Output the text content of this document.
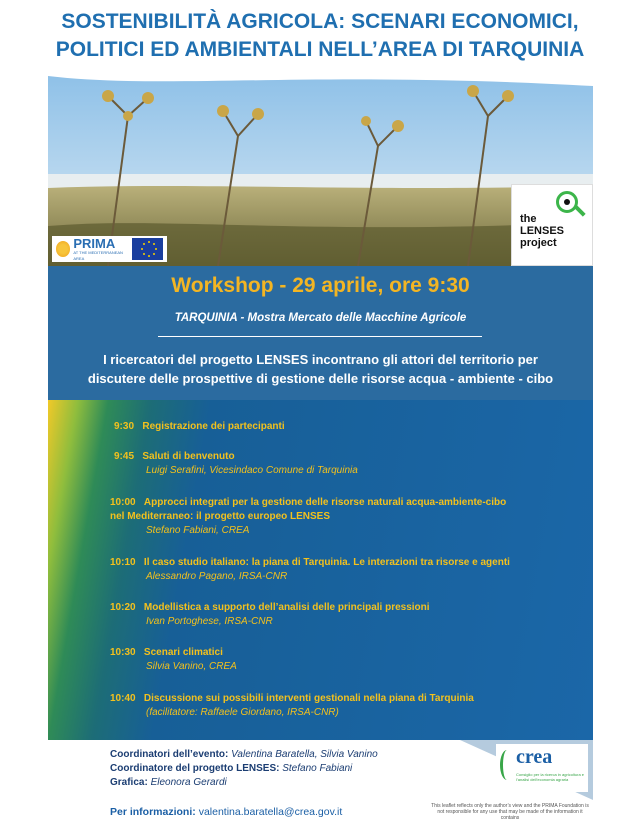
SOSTENIBILITÀ AGRICOLA: SCENARI ECONOMICI,
POLITICI ED AMBIENTALI NELL’AREA DI TARQUINIA
PRIMA
AT THE MEDITERRANEAN AREA
the
LENSES
project
Workshop - 29 aprile, ore 9:30
TARQUINIA - Mostra Mercato delle Macchine Agricole
I ricercatori del progetto LENSES incontrano gli attori del territorio per
discutere delle prospettive di gestione delle risorse acqua - ambiente - cibo
9:30 Registrazione dei partecipanti
9:45 Saluti di benvenuto
Luigi Serafini, Vicesindaco Comune di Tarquinia
10:00 Approcci integrati per la gestione delle risorse naturali acqua-ambiente-cibo
nel Mediterraneo: il progetto europeo LENSES
Stefano Fabiani, CREA
10:10 Il caso studio italiano: la piana di Tarquinia. Le interazioni tra risorse e agenti
Alessandro Pagano, IRSA-CNR
10:20 Modellistica a supporto dell’analisi delle principali pressioni
Ivan Portoghese, IRSA-CNR
10:30 Scenari climatici
Silvia Vanino, CREA
10:40 Discussione sui possibili interventi gestionali nella piana di Tarquinia
(facilitatore: Raffaele Giordano, IRSA-CNR)
Coordinatori dell’evento: Valentina Baratella, Silvia Vanino
Coordinatore del progetto LENSES: Stefano Fabiani
Grafica: Eleonora Gerardi
crea
Consiglio per la ricerca in agricoltura e l’analisi dell’economia agraria
Per informazioni: valentina.baratella@crea.gov.it	This leaflet reflects only the author’s view and the PRIMA Foundation is not responsible for any use that may be made of the information it contains
